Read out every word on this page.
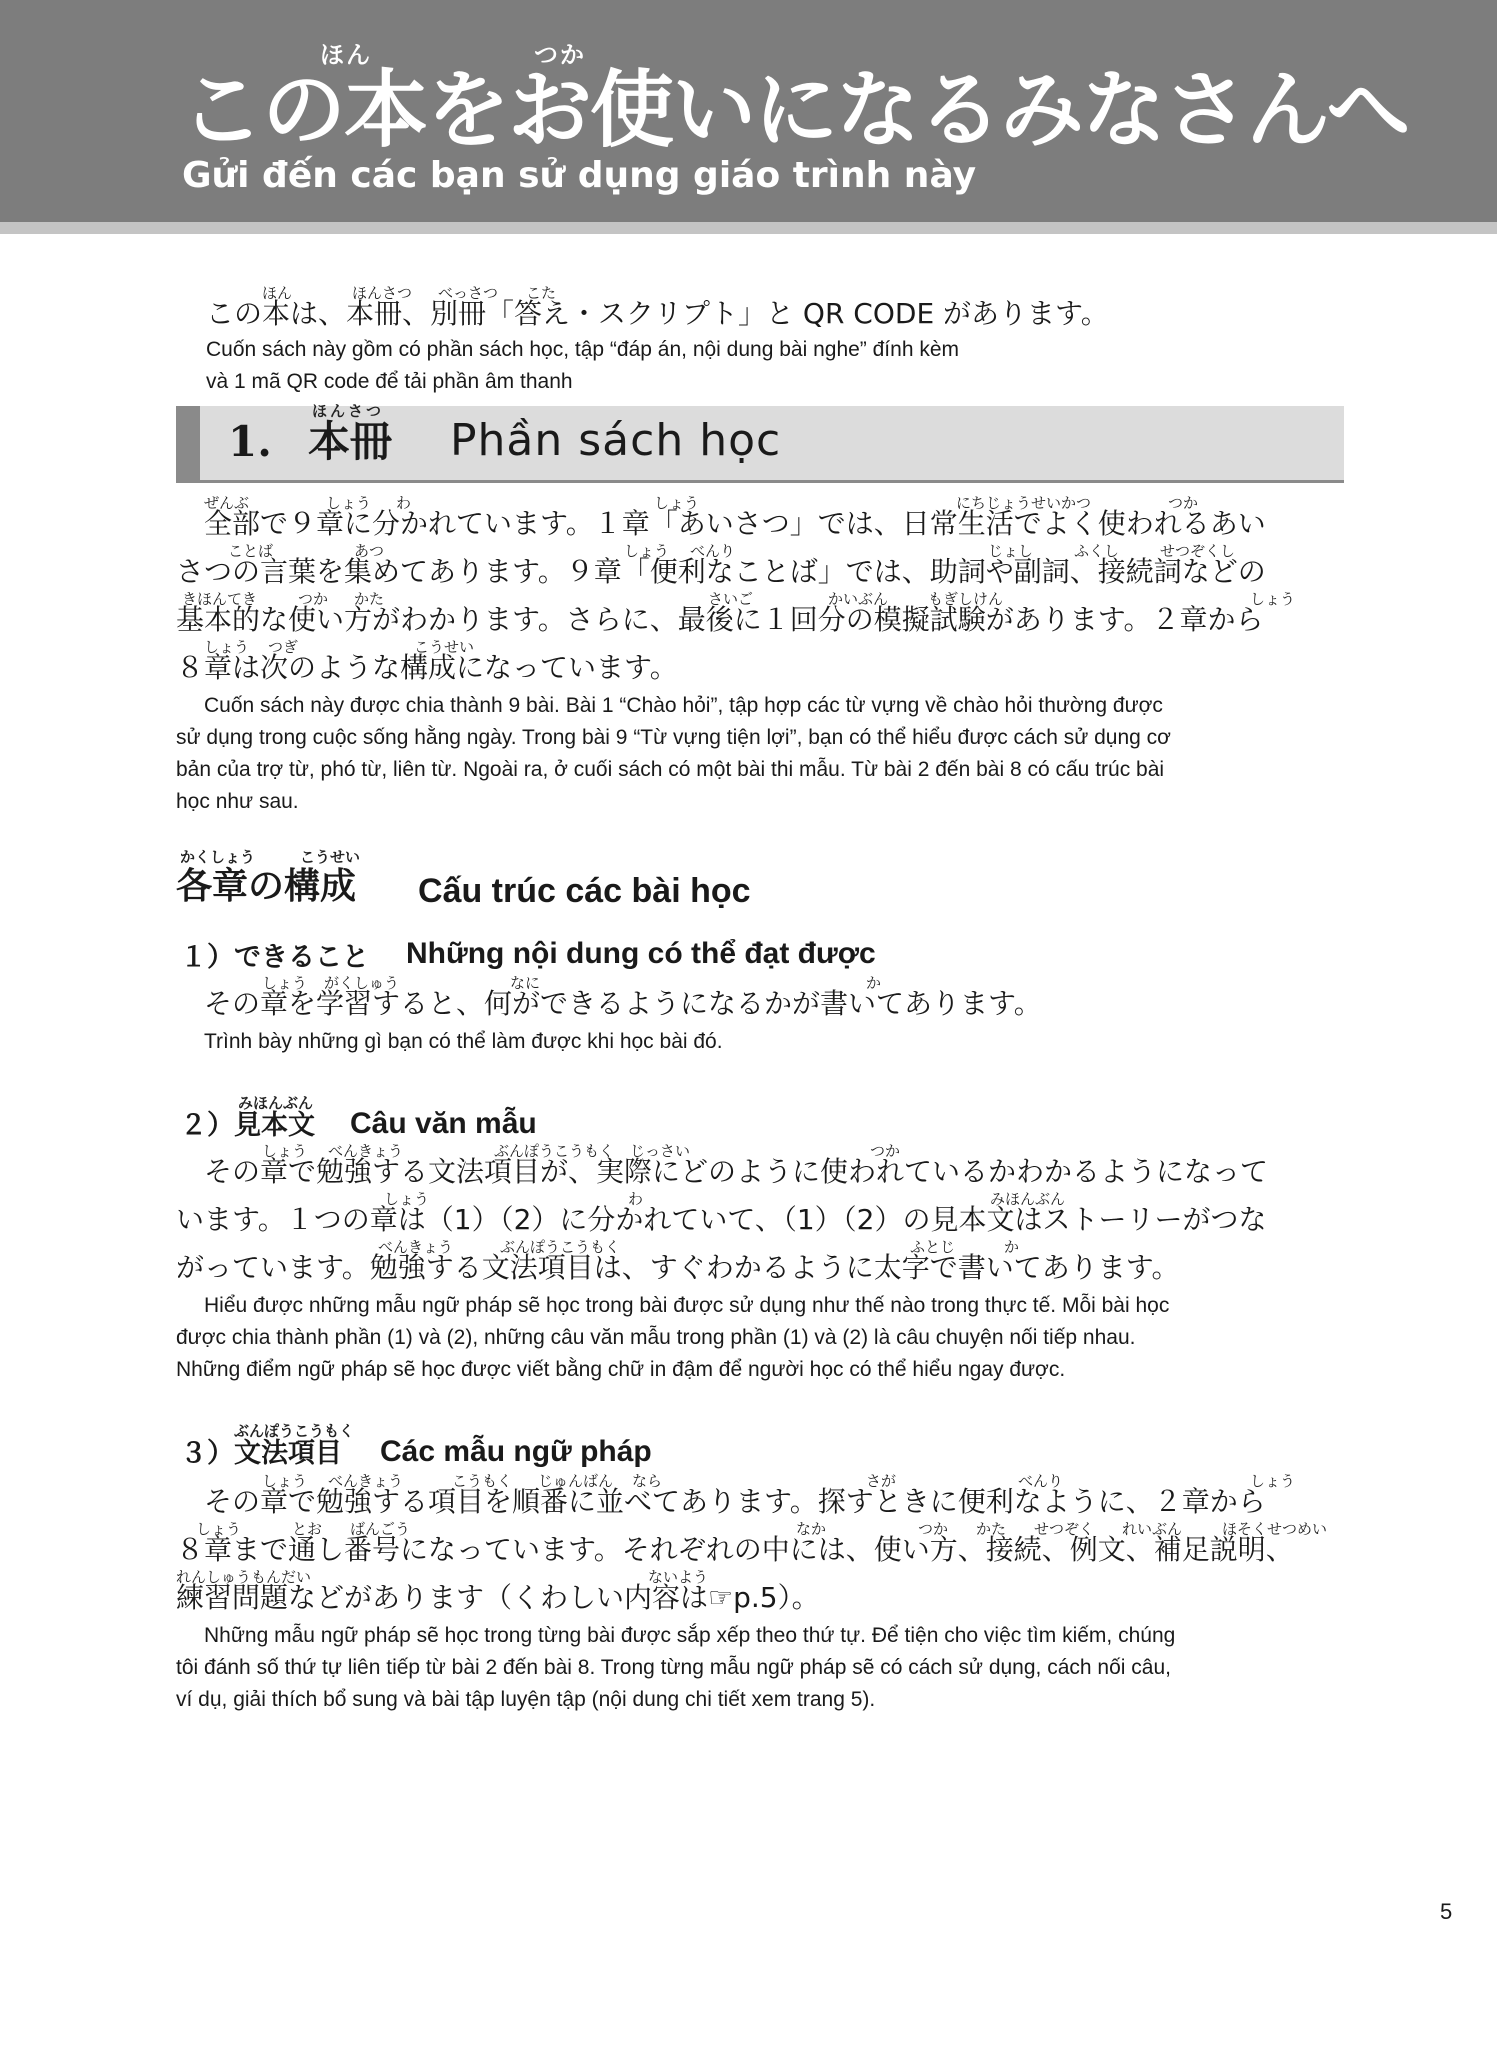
ほん	つか
この本をお使いになるみなさんへ
Gửi đến các bạn sử dụng giáo trình này
ほん	ほんさつ べっさつ こた
この本は、本冊、別冊「答え・スクリプト」と QR CODE があります。
Cuốn sách này gồm có phần sách học, tập “đáp án, nội dung bài nghe” đính kèm
và 1 mã QR code để tải phần âm thanh
ほんさつ
1. 本冊 Phần sách học
ぜんぶ	しょう わ	しょう	にちじょうせいかつ	つか
全部で９章に分かれています。１章「あいさつ」では、日常生活でよく使われるあい
ことば	あつ	しょう べんり	じょし	ふくし	せつぞくし
さつの言葉を集めてあります。９章「便利なことば」では、助詞や副詞、接続詞などの
きほんてき	つか かた	さいご	かいぶん	もぎしけん	しょう
基本的な使い方がわかります。さらに、最後に１回分の模擬試験があります。２章から
しょう つぎ	こうせい
８章は次のような構成になっています。
Cuốn sách này được chia thành 9 bài. Bài 1 “Chào hỏi”, tập hợp các từ vựng về chào hỏi thường được
sử dụng trong cuộc sống hằng ngày. Trong bài 9 “Từ vựng tiện lợi”, bạn có thể hiểu được cách sử dụng cơ
bản của trợ từ, phó từ, liên từ. Ngoài ra, ở cuối sách có một bài thi mẫu. Từ bài 2 đến bài 8 có cấu trúc bài
học như sau.
かくしょう	こうせい
各章の構成 Cấu trúc các bài học
１） できること Những nội dung có thể đạt được
しょう がくしゅう	なに	か
その章を学習すると、何ができるようになるかが書いてあります。
Trình bày những gì bạn có thể làm được khi học bài đó.
みほんぶん
２） 見本文 Câu văn mẫu
しょう べんきょう	ぶんぽうこうもく じっさい	つか
その章で勉強する文法項目が、実際にどのように使われているかわかるようになって
しょう	わ	みほんぶん
います。１つの章は（1）（2）に分かれていて、（1）（2）の見本文はストーリーがつな
べんきょう	ぶんぽうこうもく	ふとじ	か
がっています。勉強する文法項目は、すぐわかるように太字で書いてあります。
Hiểu được những mẫu ngữ pháp sẽ học trong bài được sử dụng như thế nào trong thực tế. Mỗi bài học
được chia thành phần (1) và (2), những câu văn mẫu trong phần (1) và (2) là câu chuyện nối tiếp nhau.
Những điểm ngữ pháp sẽ học được viết bằng chữ in đậm để người học có thể hiểu ngay được.
ぶんぽうこうもく
３） 文法項目 Các mẫu ngữ pháp
しょう べんきょう	こうもく じゅんばん なら	さが	べんり	しょう
その章で勉強する項目を順番に並べてあります。探すときに便利なように、２章から
しょう	とお ばんごう	なか	つか かた せつぞく れいぶん	ほそくせつめい
８章まで通し番号になっています。それぞれの中には、使い方、接続、例文、補足説明、
れんしゅうもんだい	ないよう
練習問題などがあります（くわしい内容は☞p.5）。
Những mẫu ngữ pháp sẽ học trong từng bài được sắp xếp theo thứ tự. Để tiện cho việc tìm kiếm, chúng
tôi đánh số thứ tự liên tiếp từ bài 2 đến bài 8. Trong từng mẫu ngữ pháp sẽ có cách sử dụng, cách nối câu,
ví dụ, giải thích bổ sung và bài tập luyện tập (nội dung chi tiết xem trang 5).
5
